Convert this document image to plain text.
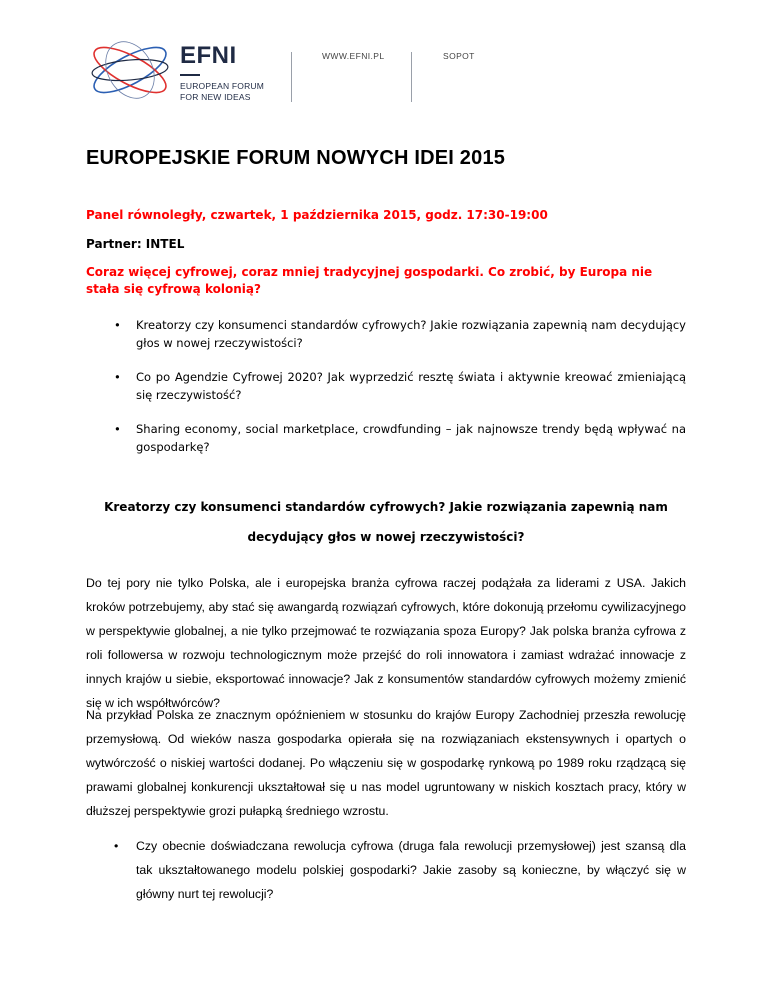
EFNI
EUROPEAN FORUM
FOR NEW IDEAS
WWW.EFNI.PL	SOPOT
EUROPEJSKIE FORUM NOWYCH IDEI 2015
Panel równoległy, czwartek, 1 października 2015, godz. 17:30-19:00
Partner: INTEL
Coraz więcej cyfrowej, coraz mniej tradycyjnej gospodarki. Co zrobić, by Europa nie stała się cyfrową kolonią?
• Kreatorzy czy konsumenci standardów cyfrowych? Jakie rozwiązania zapewnią nam decydujący głos w nowej rzeczywistości?
• Co po Agendzie Cyfrowej 2020? Jak wyprzedzić resztę świata i aktywnie kreować zmieniającą się rzeczywistość?
• Sharing economy, social marketplace, crowdfunding – jak najnowsze trendy będą wpływać na gospodarkę?
Kreatorzy czy konsumenci standardów cyfrowych? Jakie rozwiązania zapewnią nam
decydujący głos w nowej rzeczywistości?

Do tej pory nie tylko Polska, ale i europejska branża cyfrowa raczej podążała za liderami z USA. Jakich kroków potrzebujemy, aby stać się awangardą rozwiązań cyfrowych, które dokonują przełomu cywilizacyjnego w perspektywie globalnej, a nie tylko przejmować te rozwiązania spoza Europy? Jak polska branża cyfrowa z roli followersa w rozwoju technologicznym może przejść do roli innowatora i zamiast wdrażać innowacje z innych krajów u siebie, eksportować innowacje? Jak z konsumentów standardów cyfrowych możemy zmienić się w ich współtwórców?

Na przykład Polska ze znacznym opóźnieniem w stosunku do krajów Europy Zachodniej przeszła rewolucję przemysłową. Od wieków nasza gospodarka opierała się na rozwiązaniach ekstensywnych i opartych o wytwórczość o niskiej wartości dodanej. Po włączeniu się w gospodarkę rynkową po 1989 roku rządzącą się prawami globalnej konkurencji ukształtował się u nas model ugruntowany w niskich kosztach pracy, który w dłuższej perspektywie grozi pułapką średniego wzrostu.

• Czy obecnie doświadczana rewolucja cyfrowa (druga fala rewolucji przemysłowej) jest szansą dla tak ukształtowanego modelu polskiej gospodarki? Jakie zasoby są konieczne, by włączyć się w główny nurt tej rewolucji?
